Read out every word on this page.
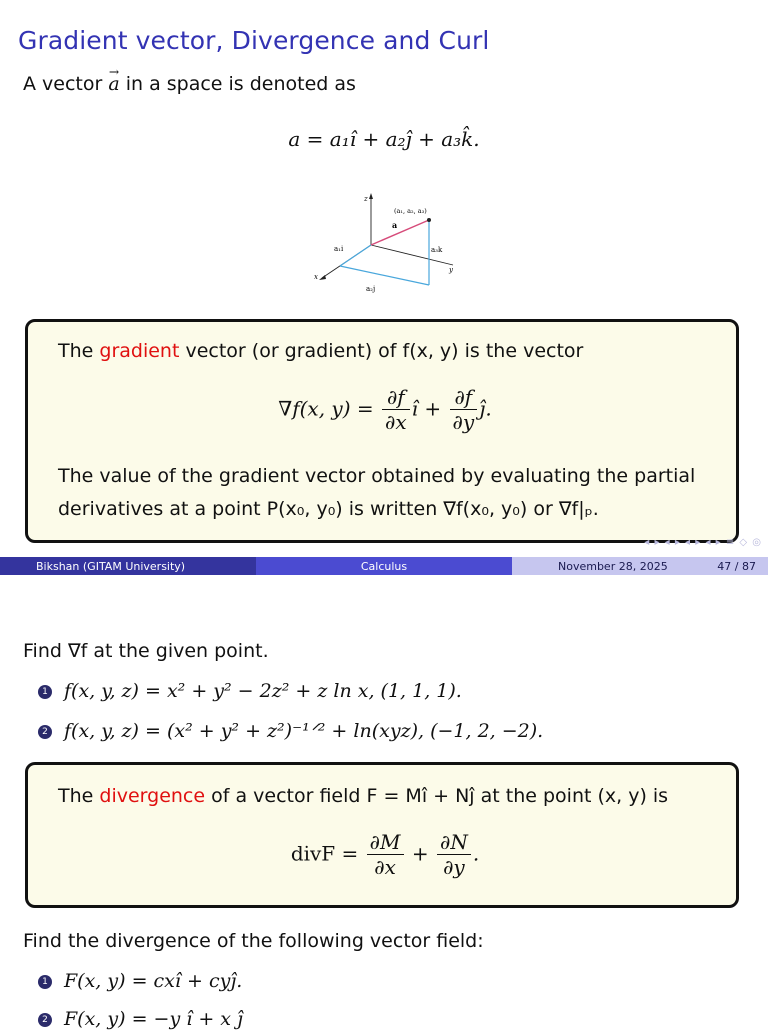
Gradient vector, Divergence and Curl
A vector → a in a space is denoted as
a = a₁î + a₂ĵ + a₃k̂.
z
x
y
a
(a₁, a₂, a₃)
a₁i
a₂j
a₃k
The gradient vector (or gradient) of f(x, y) is the vector
∇f(x, $y) = \frac{\partial f}{\partial x}$ î + $\frac{\partial f}{\partial y}$ ĵ.
The value of the gradient vector obtained by evaluating the partial
derivatives at a point P(x₀, y₀) is written ∇f(x₀, y₀) or ∇f|ₚ.
◂ ▸ ◂ ▸ ◂ ▸ ◂ ▸ ≡ ◇ ◎
Bikshan (GITAM University)	Calculus	November 28, 2025	47 / 87
Find ∇f at the given point.
1 f(x, y, z) = x² + y² − 2z² + z ln x, (1, 1, 1).
2 f(x, y, z) = (x² + y² + z²)⁻¹ᐟ² + ln(xyz), (−1, 2, −2).
The divergence of a vector field F = Mî + Nĵ at the point (x, y) is
divF = $\frac{\partial M}{\partial x} + \frac{\partial N}{\partial y}$ .
Find the divergence of the following vector field:
1 F(x, y) = cxî + cyĵ.
2 F(x, y) = −y î + x ĵ
